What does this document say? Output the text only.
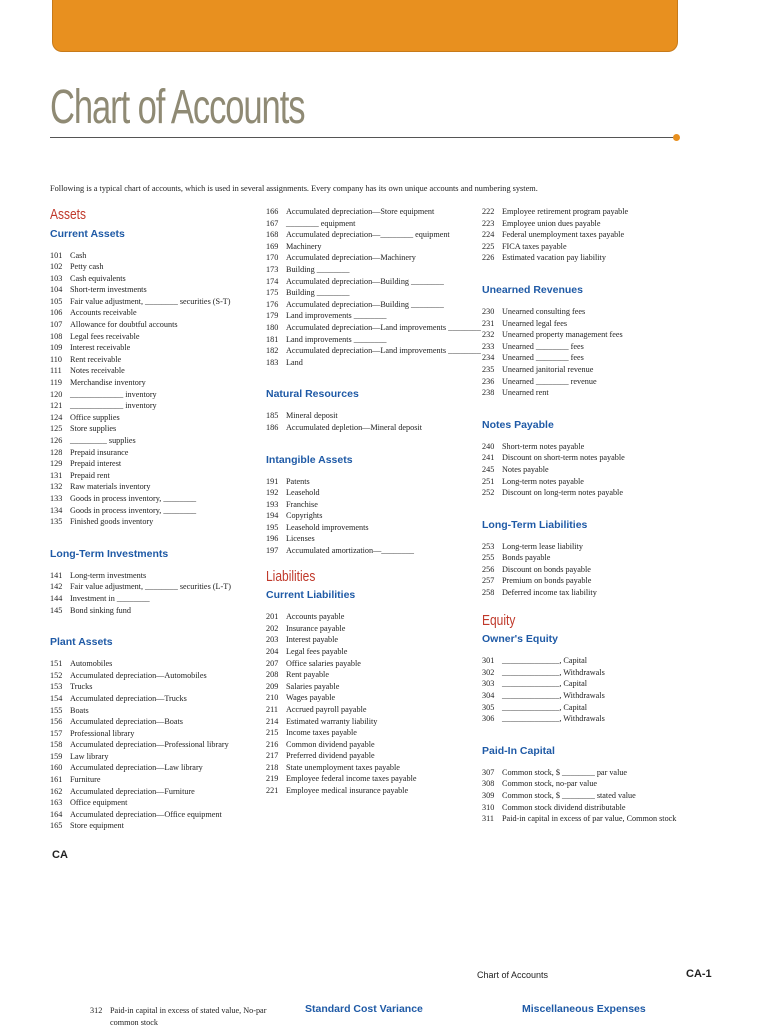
Chart of Accounts
Following is a typical chart of accounts, which is used in several assignments. Every company has its own unique accounts and numbering system.
Assets
Current Assets
101 Cash
102 Petty cash
103 Cash equivalents
104 Short-term investments
105 Fair value adjustment, ________ securities (S-T)
106 Accounts receivable
107 Allowance for doubtful accounts
108 Legal fees receivable
109 Interest receivable
110 Rent receivable
111	Notes receivable
119 Merchandise inventory
120 _____________ inventory
121 _____________ inventory
124 Office supplies
125 Store supplies
126 _________ supplies
128 Prepaid insurance
129 Prepaid interest
131 Prepaid rent
132 Raw materials inventory
133 Goods in process inventory, ________
134 Goods in process inventory, ________
135 Finished goods inventory
Long-Term Investments
141 Long-term investments
142 Fair value adjustment, ________ securities (L-T)
144 Investment in ________
145 Bond sinking fund
Plant Assets
151 Automobiles
152 Accumulated depreciation—Automobiles
153 Trucks
154 Accumulated depreciation—Trucks
155 Boats
156 Accumulated depreciation—Boats
157 Professional library
158 Accumulated depreciation—Professional library
159 Law library
160 Accumulated depreciation—Law library
161 Furniture
162 Accumulated depreciation—Furniture
163 Office equipment
164 Accumulated depreciation—Office equipment
165 Store equipment
166 Accumulated depreciation—Store equipment
167 ________ equipment
168 Accumulated depreciation—________ equipment
169 Machinery
170 Accumulated depreciation—Machinery
173 Building ________
174 Accumulated depreciation—Building ________
175 Building ________
176 Accumulated depreciation—Building ________
179 Land improvements ________
180 Accumulated depreciation—Land improvements ________
181 Land improvements ________
182 Accumulated depreciation—Land improvements ________
183 Land
Natural Resources
185 Mineral deposit
186 Accumulated depletion—Mineral deposit
Intangible Assets
191 Patents
192 Leasehold
193 Franchise
194 Copyrights
195 Leasehold improvements
196 Licenses
197 Accumulated amortization—________
Liabilities
Current Liabilities
201 Accounts payable
202 Insurance payable
203 Interest payable
204 Legal fees payable
207 Office salaries payable
208 Rent payable
209 Salaries payable
210 Wages payable
211 Accrued payroll payable
214 Estimated warranty liability
215 Income taxes payable
216 Common dividend payable
217 Preferred dividend payable
218 State unemployment taxes payable
219 Employee federal income taxes payable
221 Employee medical insurance payable
222 Employee retirement program payable
223 Employee union dues payable
224 Federal unemployment taxes payable
225 FICA taxes payable
226 Estimated vacation pay liability
Unearned Revenues
230 Unearned consulting fees
231 Unearned legal fees
232 Unearned property management fees
233 Unearned ________ fees
234 Unearned ________ fees
235 Unearned janitorial revenue
236 Unearned ________ revenue
238 Unearned rent
Notes Payable
240 Short-term notes payable
241 Discount on short-term notes payable
245 Notes payable
251 Long-term notes payable
252 Discount on long-term notes payable
Long-Term Liabilities
253 Long-term lease liability
255 Bonds payable
256 Discount on bonds payable
257 Premium on bonds payable
258 Deferred income tax liability
Equity
Owner's Equity
301 ______________, Capital
302 ______________, Withdrawals
303 ______________, Capital
304 ______________, Withdrawals
305 ______________, Capital
306 ______________, Withdrawals
Paid-In Capital
307 Common stock, $ ________ par value
308 Common stock, no-par value
309 Common stock, $ ________ stated value
310 Common stock dividend distributable
311 Paid-in capital in excess of par value, Common stock
CA
Chart of Accounts	CA-1
312 Paid-in capital in excess of stated value, No-par common stock
Standard Cost Variance	Miscellaneous Expenses
